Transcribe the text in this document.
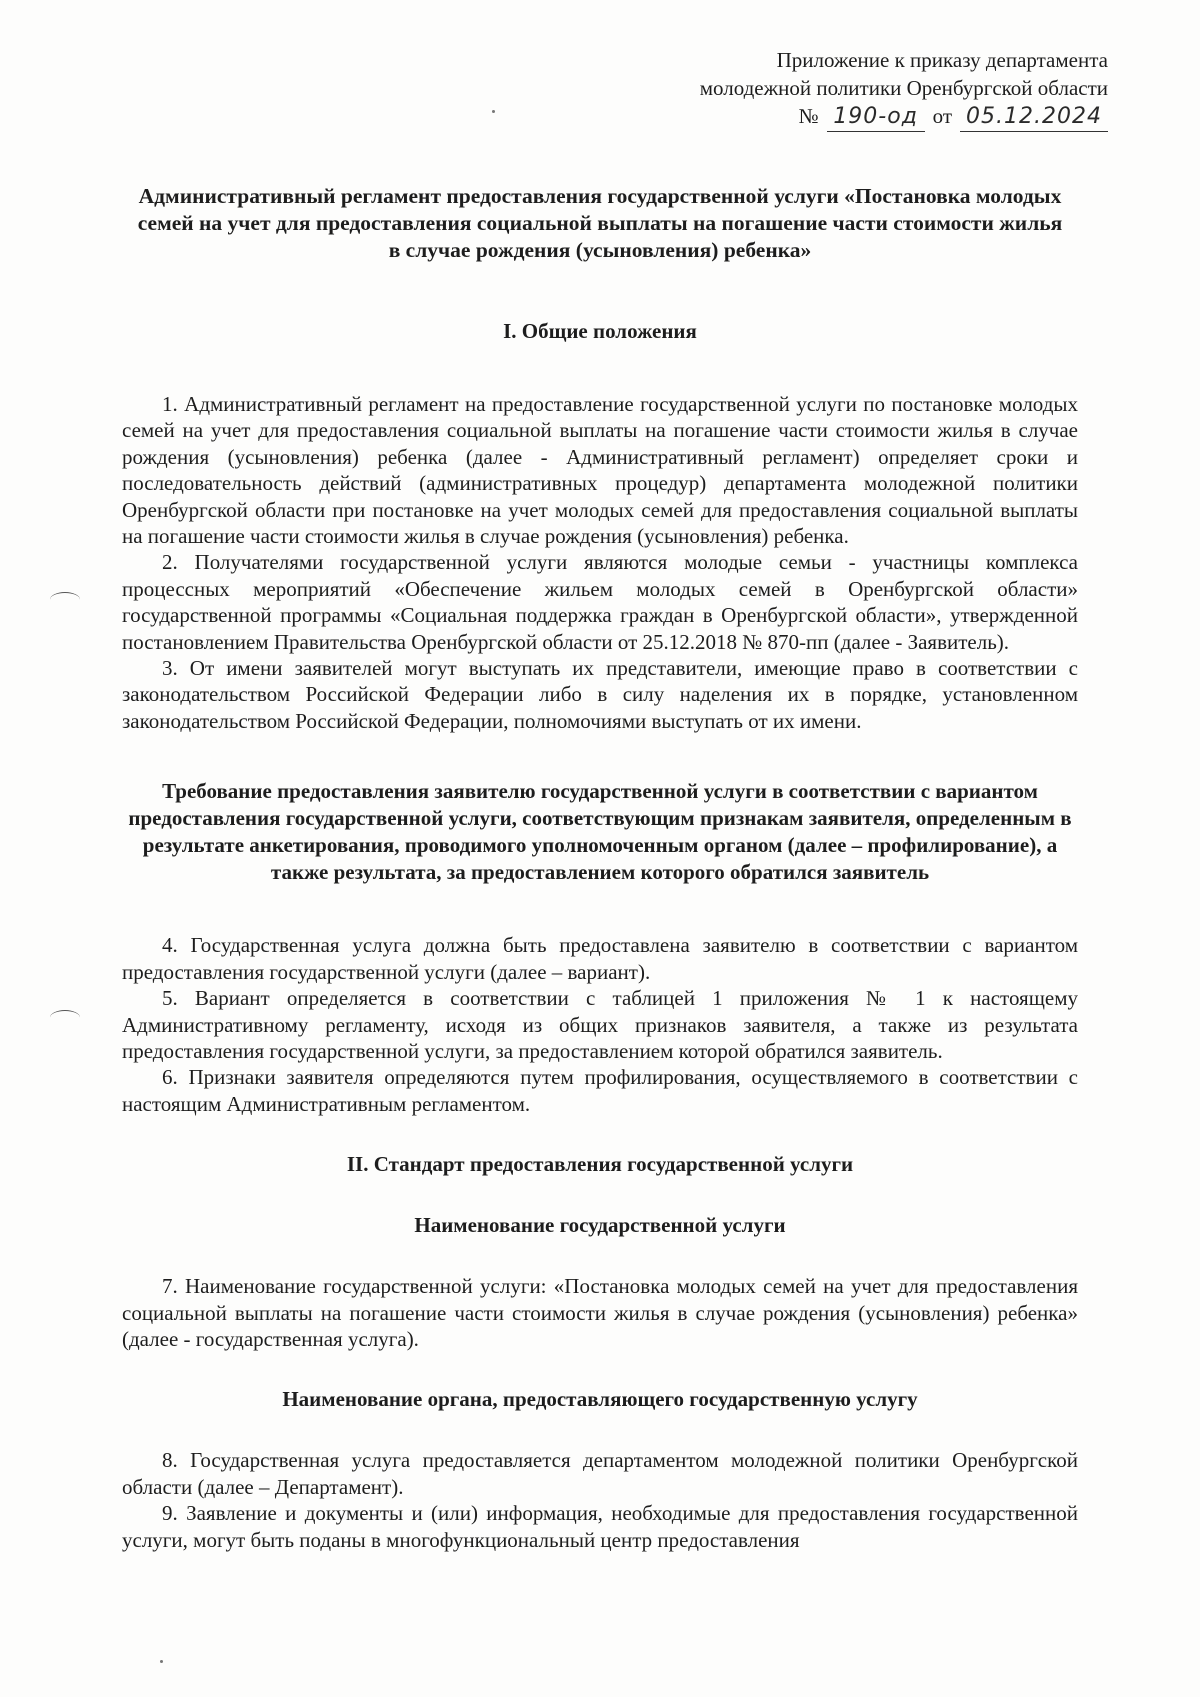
Приложение к приказу департамента
молодежной политики Оренбургской области
№ 190-од от 05.12.2024
Административный регламент предоставления государственной услуги «Постановка молодых семей на учет для предоставления социальной выплаты на погашение части стоимости жилья в случае рождения (усыновления) ребенка»
I. Общие положения

1. Административный регламент на предоставление государственной услуги по постановке молодых семей на учет для предоставления социальной выплаты на погашение части стоимости жилья в случае рождения (усыновления) ребенка (далее - Административный регламент) определяет сроки и последовательность действий (административных процедур) департамента молодежной политики Оренбургской области при постановке на учет молодых семей для предоставления социальной выплаты на погашение части стоимости жилья в случае рождения (усыновления) ребенка.

2. Получателями государственной услуги являются молодые семьи - участницы комплекса процессных мероприятий «Обеспечение жильем молодых семей в Оренбургской области» государственной программы «Социальная поддержка граждан в Оренбургской области», утвержденной постановлением Правительства Оренбургской области от 25.12.2018 № 870-пп (далее - Заявитель).

3. От имени заявителей могут выступать их представители, имеющие право в соответствии с законодательством Российской Федерации либо в силу наделения их в порядке, установленном законодательством Российской Федерации, полномочиями выступать от их имени.

Требование предоставления заявителю государственной услуги в соответствии с вариантом предоставления государственной услуги, соответствующим признакам заявителя, определенным в результате анкетирования, проводимого уполномоченным органом (далее – профилирование), а также результата, за предоставлением которого обратился заявитель

4. Государственная услуга должна быть предоставлена заявителю в соответствии с вариантом предоставления государственной услуги (далее – вариант).

5. Вариант определяется в соответствии с таблицей 1 приложения № 1 к настоящему Административному регламенту, исходя из общих признаков заявителя, а также из результата предоставления государственной услуги, за предоставлением которой обратился заявитель.

6. Признаки заявителя определяются путем профилирования, осуществляемого в соответствии с настоящим Административным регламентом.

II. Стандарт предоставления государственной услуги
Наименование государственной услуги

7. Наименование государственной услуги: «Постановка молодых семей на учет для предоставления социальной выплаты на погашение части стоимости жилья в случае рождения (усыновления) ребенка» (далее - государственная услуга).

Наименование органа, предоставляющего государственную услугу

8. Государственная услуга предоставляется департаментом молодежной политики Оренбургской области (далее – Департамент).

9. Заявление и документы и (или) информация, необходимые для предоставления государственной услуги, могут быть поданы в многофункциональный центр предоставления
